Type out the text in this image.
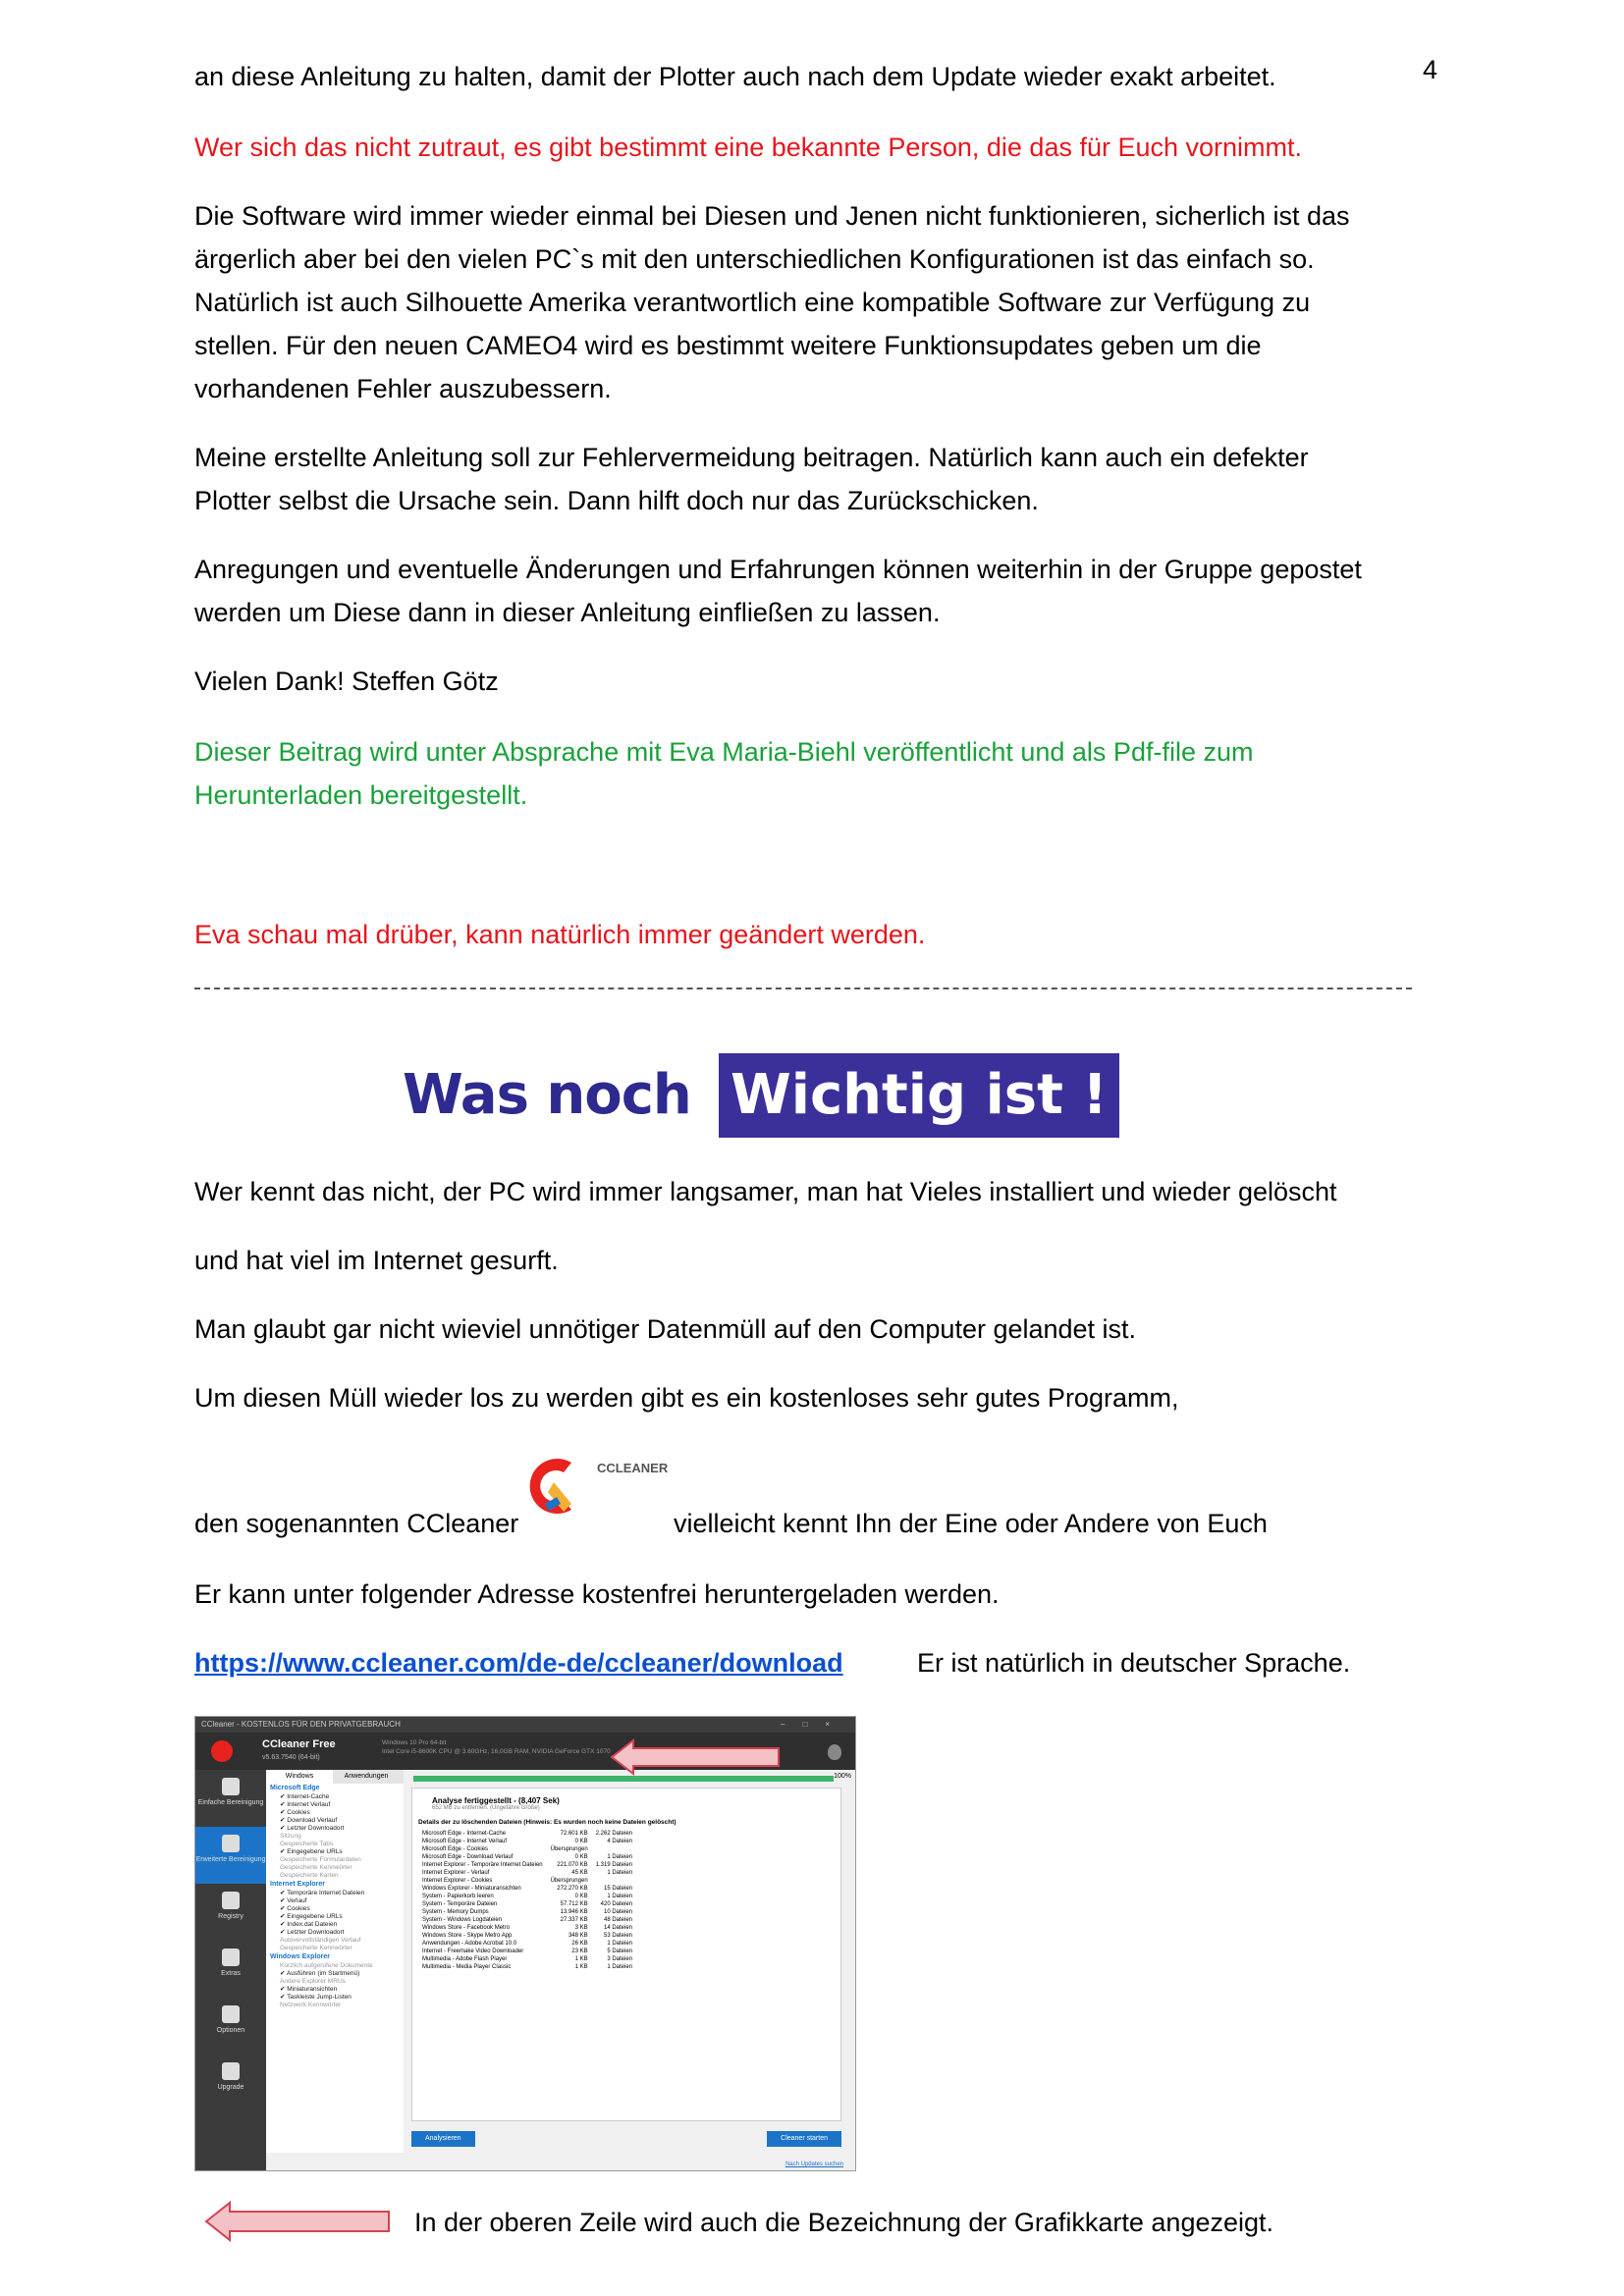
4

an diese Anleitung zu halten, damit der Plotter auch nach dem Update wieder exakt arbeitet.

Wer sich das nicht zutraut, es gibt bestimmt eine bekannte Person, die das für Euch vornimmt.

Die Software wird immer wieder einmal bei Diesen und Jenen nicht funktionieren, sicherlich ist das

ärgerlich aber bei den vielen PC`s mit den unterschiedlichen Konfigurationen ist das einfach so.

Natürlich ist auch Silhouette Amerika verantwortlich eine kompatible Software zur Verfügung zu

stellen. Für den neuen CAMEO4 wird es bestimmt weitere Funktionsupdates geben um die

vorhandenen Fehler auszubessern.

Meine erstellte Anleitung soll zur Fehlervermeidung beitragen. Natürlich kann auch ein defekter

Plotter selbst die Ursache sein. Dann hilft doch nur das Zurückschicken.

Anregungen und eventuelle Änderungen und Erfahrungen können weiterhin in der Gruppe gepostet

werden um Diese dann in dieser Anleitung einfließen zu lassen.

Vielen Dank! Steffen Götz

Dieser Beitrag wird unter Absprache mit Eva Maria-Biehl veröffentlicht und als Pdf-file zum

Herunterladen bereitgestellt.

Eva schau mal drüber, kann natürlich immer geändert werden.

Was noch Wichtig ist !

Wer kennt das nicht, der PC wird immer langsamer, man hat Vieles installiert und wieder gelöscht

und hat viel im Internet gesurft.

Man glaubt gar nicht wieviel unnötiger Datenmüll auf den Computer gelandet ist.

Um diesen Müll wieder los zu werden gibt es ein kostenloses sehr gutes Programm,

den sogenannten CCleaner

CCLEANER

vielleicht kennt Ihn der Eine oder Andere von Euch

Er kann unter folgender Adresse kostenfrei heruntergeladen werden.

https://www.ccleaner.com/de-de/ccleaner/download	Er ist natürlich in deutscher Sprache.

CCleaner - KOSTENLOS FÜR DEN PRIVATGEBRAUCH	–□×
CCleaner Free
v5.63.7540 (64-bit)
Windows 10 Pro 64-bit
Intel Core i5-8600K CPU @ 3.60GHz, 16,0GB RAM, NVIDIA GeForce GTX 1070
Einfache Bereinigung
Erweiterte Bereinigung
Registry
Extras
Optionen
Upgrade
Windows	Anwendungen
Microsoft Edge
✔ Internet-Cache
✔ Internet Verlauf
✔ Cookies
✔ Download Verlauf
✔ Letzter Downloadort
Sitzung
Gespeicherte Tabs
✔ Eingegebene URLs
Gespeicherte Formulardaten
Gespeicherte Kennwörter
Gespeicherte Karten
Internet Explorer
✔ Temporäre Internet Dateien
✔ Verlauf
✔ Cookies
✔ Eingegebene URLs
✔ Index.dat Dateien
✔ Letzter Downloadort
Autovervollständigen Verlauf
Gespeicherte Kennwörter
Windows Explorer
Kürzlich aufgerufene Dokumente
✔ Ausführen (im Startmenü)
Andere Explorer MRUs
✔ Miniaturansichten
✔ Taskleiste Jump-Listen
Netzwerk Kennwörter
100%
Analyse fertiggestellt - (8,407 Sek)
652 MB zu entfernen. (Ungefähre Größe)
Details der zu löschenden Dateien (Hinweis: Es wurden noch keine Dateien gelöscht)
Microsoft Edge - Internet-Cache	72.601 KB	2.262 Dateien
Microsoft Edge - Internet Verlauf	0 KB	4 Dateien
Microsoft Edge - Cookies	Übersprungen	
Microsoft Edge - Download Verlauf	0 KB	1 Dateien
Internet Explorer - Temporäre Internet Dateien	221.070 KB	1.319 Dateien
Internet Explorer - Verlauf	45 KB	1 Dateien
Internet Explorer - Cookies	Übersprungen	
Windows Explorer - Miniaturansichten	272.270 KB	15 Dateien
System - Papierkorb leeren	0 KB	1 Dateien
System - Temporäre Dateien	57.712 KB	420 Dateien
System - Memory Dumps	13.946 KB	10 Dateien
System - Windows Logdateien	27.337 KB	48 Dateien
Windows Store - Facebook Metro	3 KB	14 Dateien
Windows Store - Skype Metro App	348 KB	53 Dateien
Anwendungen - Adobe Acrobat 10.0	26 KB	1 Dateien
Internet - Freemake Video Downloader	23 KB	5 Dateien
Multimedia - Adobe Flash Player	1 KB	3 Dateien
Multimedia - Media Player Classic	1 KB	1 Dateien
Analysieren	Cleaner starten
Nach Updates suchen

In der oberen Zeile wird auch die Bezeichnung der Grafikkarte angezeigt.
